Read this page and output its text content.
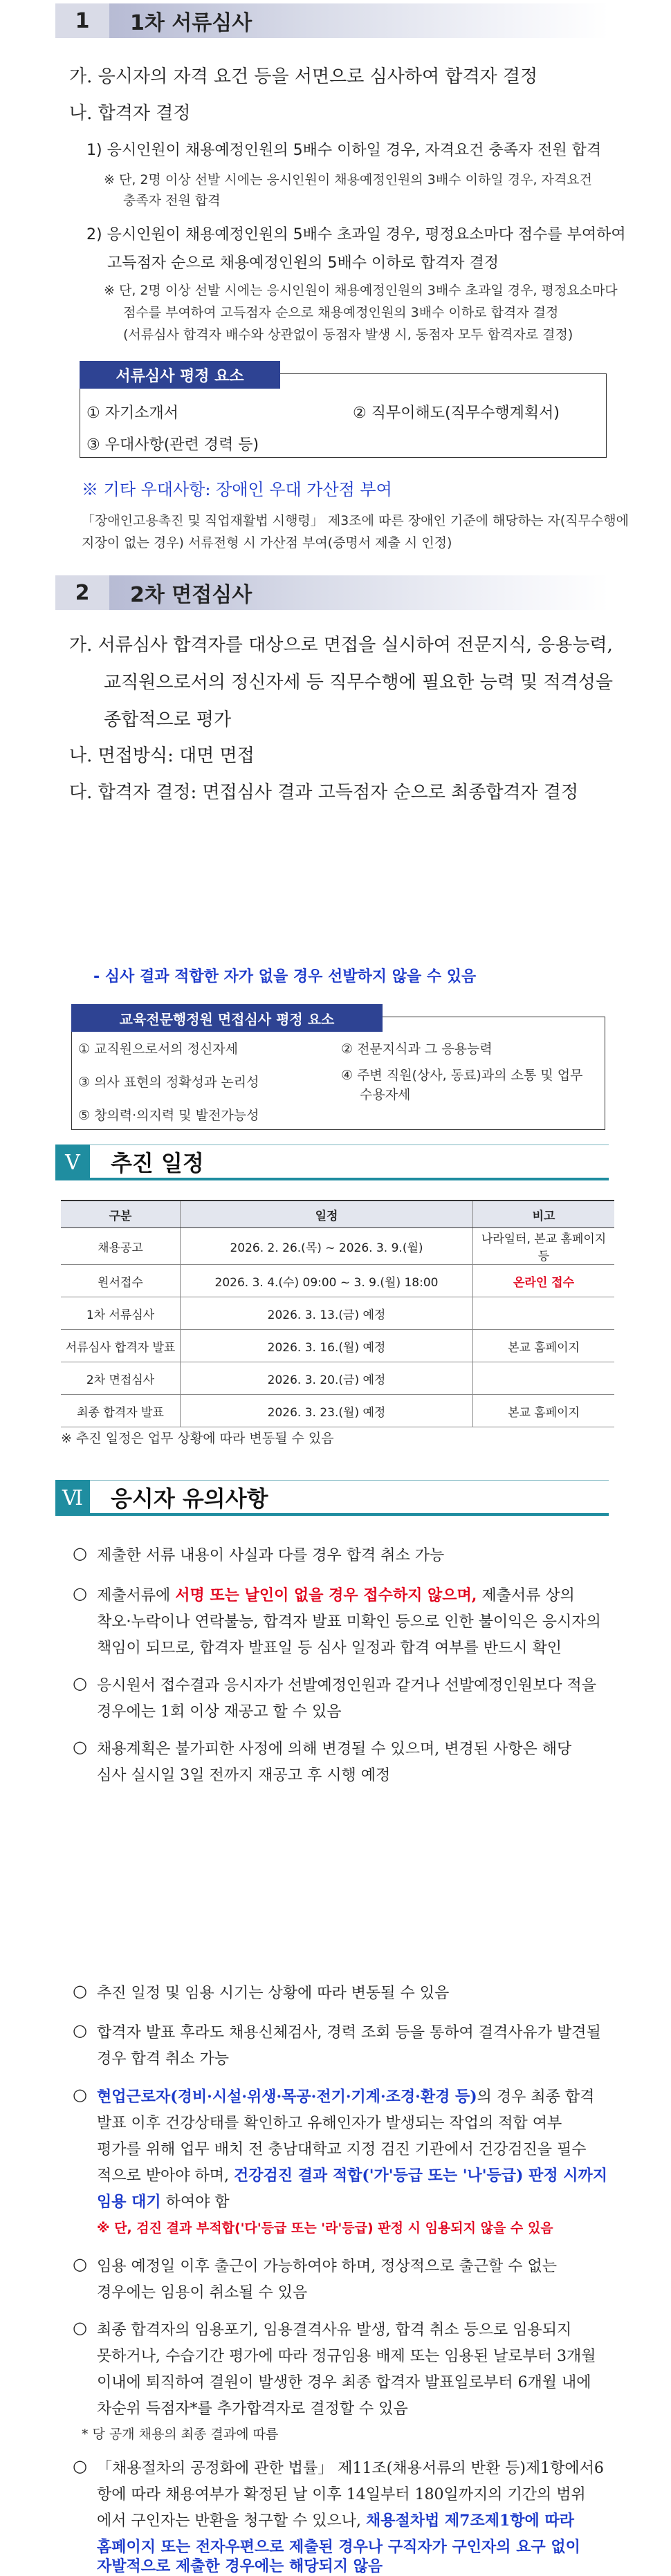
1	1차 서류심사
가. 응시자의 자격 요건 등을 서면으로 심사하여 합격자 결정
나. 합격자 결정
1) 응시인원이 채용예정인원의 5배수 이하일 경우, 자격요건 충족자 전원 합격
※ 단, 2명 이상 선발 시에는 응시인원이 채용예정인원의 3배수 이하일 경우, 자격요건
충족자 전원 합격
2) 응시인원이 채용예정인원의 5배수 초과일 경우, 평정요소마다 점수를 부여하여
고득점자 순으로 채용예정인원의 5배수 이하로 합격자 결정
※ 단, 2명 이상 선발 시에는 응시인원이 채용예정인원의 3배수 초과일 경우, 평정요소마다
점수를 부여하여 고득점자 순으로 채용예정인원의 3배수 이하로 합격자 결정
(서류심사 합격자 배수와 상관없이 동점자 발생 시, 동점자 모두 합격자로 결정)
서류심사 평정 요소
① 자기소개서	② 직무이해도(직무수행계획서)
③ 우대사항(관련 경력 등)
※ 기타 우대사항: 장애인 우대 가산점 부여
「장애인고용촉진 및 직업재활법 시행령」 제3조에 따른 장애인 기준에 해당하는 자(직무수행에
지장이 없는 경우) 서류전형 시 가산점 부여(증명서 제출 시 인정)
2	2차 면접심사
가. 서류심사 합격자를 대상으로 면접을 실시하여 전문지식, 응용능력,
교직원으로서의 정신자세 등 직무수행에 필요한 능력 및 적격성을
종합적으로 평가
나. 면접방식: 대면 면접
다. 합격자 결정: 면접심사 결과 고득점자 순으로 최종합격자 결정
- 심사 결과 적합한 자가 없을 경우 선발하지 않을 수 있음
교육전문행정원 면접심사 평정 요소
① 교직원으로서의 정신자세	② 전문지식과 그 응용능력
③ 의사 표현의 정확성과 논리성	④ 주변 직원(상사, 동료)과의 소통 및 업무
수용자세
⑤ 창의력·의지력 및 발전가능성
Ⅴ	추진 일정
구분	일정	비고
채용공고	2026. 2. 26.(목) ~ 2026. 3. 9.(월)	나라일터, 본교 홈페이지 등
원서접수	2026. 3. 4.(수) 09:00 ~ 3. 9.(월) 18:00	온라인 접수
1차 서류심사	2026. 3. 13.(금) 예정	
서류심사 합격자 발표	2026. 3. 16.(월) 예정	본교 홈페이지
2차 면접심사	2026. 3. 20.(금) 예정	
최종 합격자 발표	2026. 3. 23.(월) 예정	본교 홈페이지
※ 추진 일정은 업무 상황에 따라 변동될 수 있음
Ⅵ	응시자 유의사항
○ 제출한 서류 내용이 사실과 다를 경우 합격 취소 가능
○ 제출서류에 서명 또는 날인이 없을 경우 접수하지 않으며, 제출서류 상의
착오·누락이나 연락불능, 합격자 발표 미확인 등으로 인한 불이익은 응시자의
책임이 되므로, 합격자 발표일 등 심사 일정과 합격 여부를 반드시 확인
○ 응시원서 접수결과 응시자가 선발예정인원과 같거나 선발예정인원보다 적을
경우에는 1회 이상 재공고 할 수 있음
○ 채용계획은 불가피한 사정에 의해 변경될 수 있으며, 변경된 사항은 해당
심사 실시일 3일 전까지 재공고 후 시행 예정
○ 추진 일정 및 임용 시기는 상황에 따라 변동될 수 있음
○ 합격자 발표 후라도 채용신체검사, 경력 조회 등을 통하여 결격사유가 발견될
경우 합격 취소 가능
○ 현업근로자(경비·시설·위생·목공·전기·기계·조경·환경 등)의 경우 최종 합격
발표 이후 건강상태를 확인하고 유해인자가 발생되는 작업의 적합 여부
평가를 위해 업무 배치 전 충남대학교 지정 검진 기관에서 건강검진을 필수
적으로 받아야 하며, 건강검진 결과 적합('가'등급 또는 '나'등급) 판정 시까지
임용 대기 하여야 함
※ 단, 검진 결과 부적합('다'등급 또는 '라'등급) 판정 시 임용되지 않을 수 있음
○ 임용 예정일 이후 출근이 가능하여야 하며, 정상적으로 출근할 수 없는
경우에는 임용이 취소될 수 있음
○ 최종 합격자의 임용포기, 임용결격사유 발생, 합격 취소 등으로 임용되지
못하거나, 수습기간 평가에 따라 정규임용 배제 또는 임용된 날로부터 3개월
이내에 퇴직하여 결원이 발생한 경우 최종 합격자 발표일로부터 6개월 내에
차순위 득점자*를 추가합격자로 결정할 수 있음
* 당 공개 채용의 최종 결과에 따름
○ 「채용절차의 공정화에 관한 법률」 제11조(채용서류의 반환 등)제1항에서6
항에 따라 채용여부가 확정된 날 이후 14일부터 180일까지의 기간의 범위
에서 구인자는 반환을 청구할 수 있으나, 채용절차법 제7조제1항에 따라
홈페이지 또는 전자우편으로 제출된 경우나 구직자가 구인자의 요구 없이
자발적으로 제출한 경우에는 해당되지 않음
